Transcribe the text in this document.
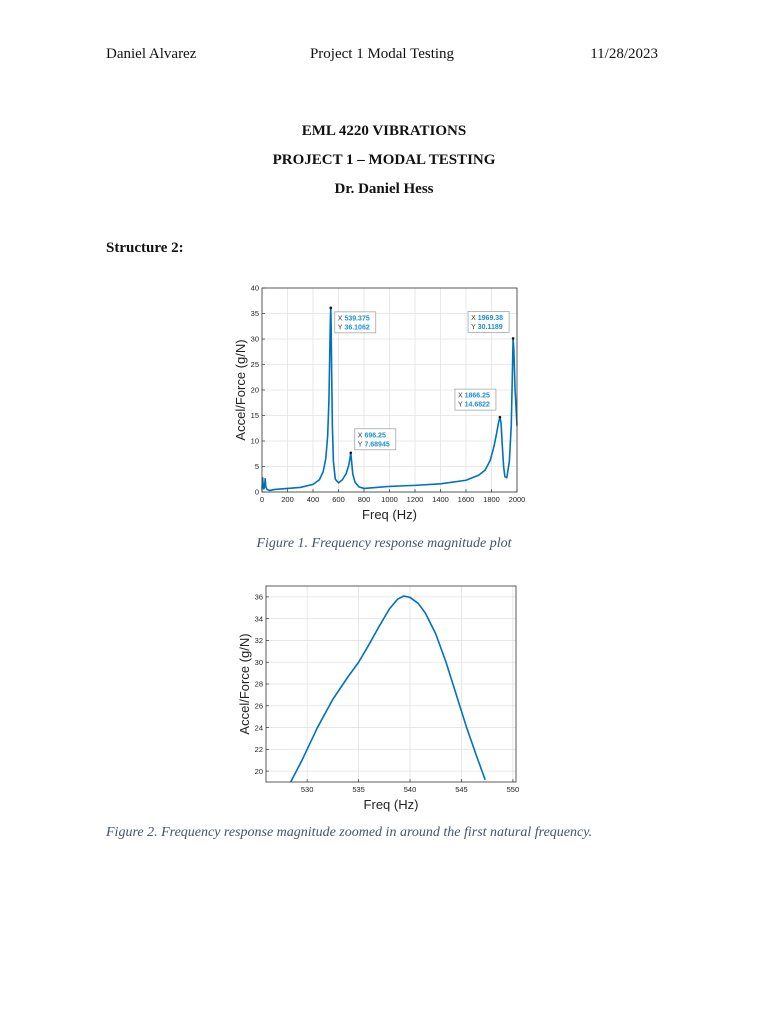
Daniel Alvarez	Project 1 Modal Testing	11/28/2023
EML 4220 VIBRATIONS
PROJECT 1 – MODAL TESTING
Dr. Daniel Hess
Structure 2:
0 200 400 600 800 1000 1200 1400 1600 1800 2000
0
5
10
15
20
25
30
35
40
Freq (Hz)
Accel/Force (g/N)
X 539.375
Y 36.1062
X 696.25
Y 7.68945
X 1866.25
Y 14.6822
X 1969.38
Y 30.1189
Figure 1. Frequency response magnitude plot
530	535	540	545	550
20
22
24
26
28
30
32
34
36
Freq (Hz)
Accel/Force (g/N)
Figure 2. Frequency response magnitude zoomed in around the first natural frequency.
